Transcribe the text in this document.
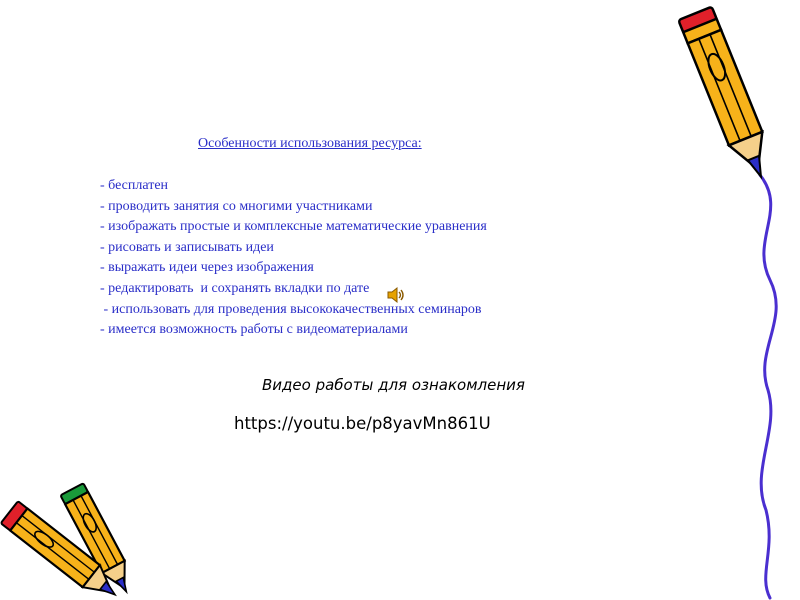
Особенности использования ресурса:
- бесплатен
- проводить занятия со многими участниками
- изображать простые и комплексные математические уравнения
- рисовать и записывать идеи
- выражать идеи через изображения
- редактировать  и сохранять вкладки по дате
- использовать для проведения высококачественных семинаров
- имеется возможность работы с видеоматериалами
Видео работы для ознакомления
https://youtu.be/p8yavMn861U
